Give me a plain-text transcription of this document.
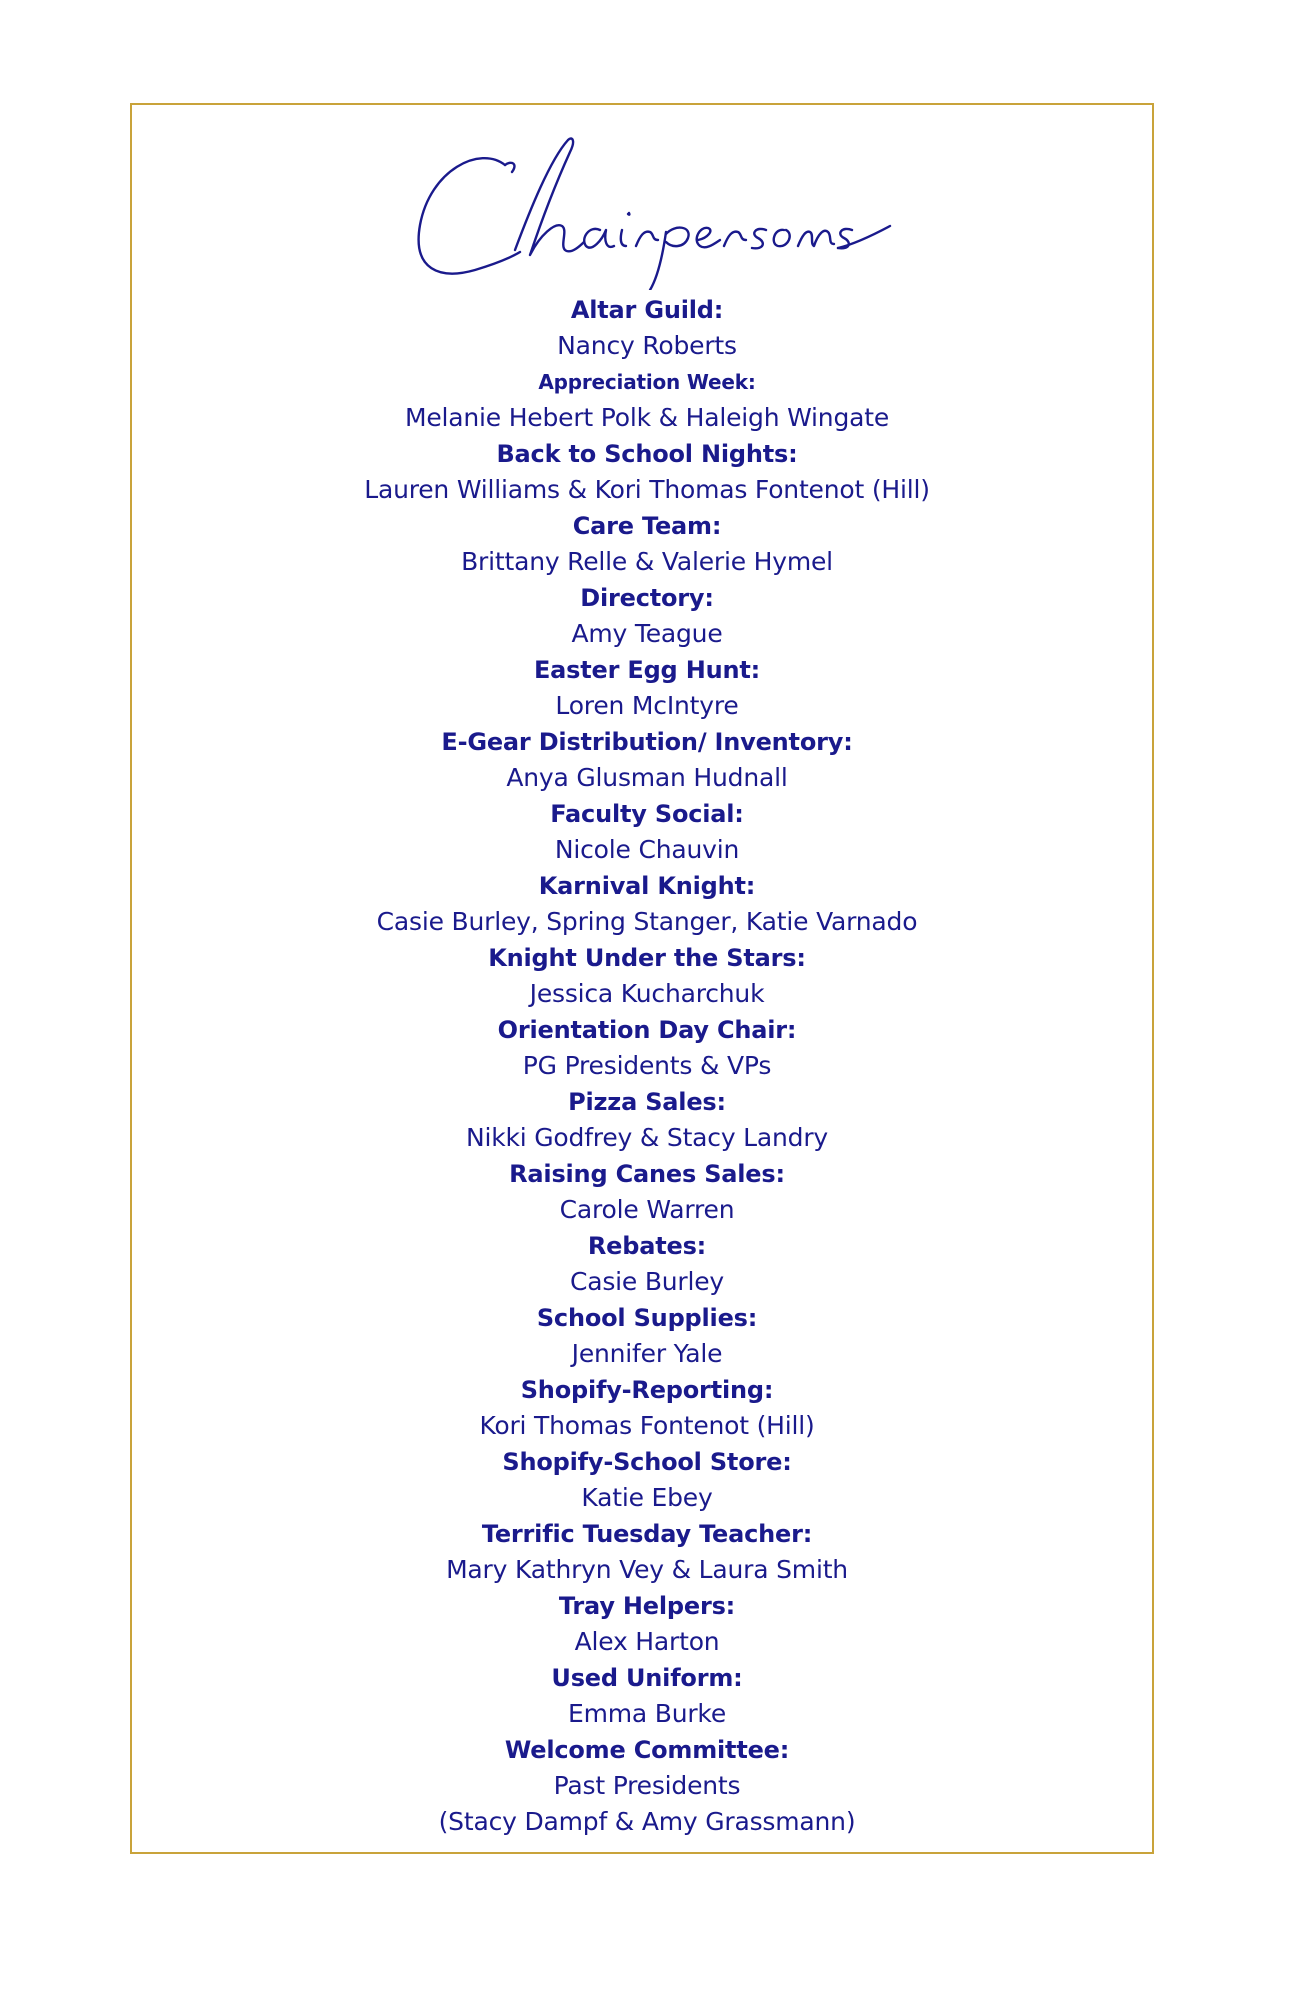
Altar Guild:
Nancy Roberts
Appreciation Week:
Melanie Hebert Polk & Haleigh Wingate
Back to School Nights:
Lauren Williams & Kori Thomas Fontenot (Hill)
Care Team:
Brittany Relle & Valerie Hymel
Directory:
Amy Teague
Easter Egg Hunt:
Loren McIntyre
E-Gear Distribution/ Inventory:
Anya Glusman Hudnall
Faculty Social:
Nicole Chauvin
Karnival Knight:
Casie Burley, Spring Stanger, Katie Varnado
Knight Under the Stars:
Jessica Kucharchuk
Orientation Day Chair:
PG Presidents & VPs
Pizza Sales:
Nikki Godfrey & Stacy Landry
Raising Canes Sales:
Carole Warren
Rebates:
Casie Burley
School Supplies:
Jennifer Yale
Shopify-Reporting:
Kori Thomas Fontenot (Hill)
Shopify-School Store:
Katie Ebey
Terrific Tuesday Teacher:
Mary Kathryn Vey & Laura Smith
Tray Helpers:
Alex Harton
Used Uniform:
Emma Burke
Welcome Committee:
Past Presidents
(Stacy Dampf & Amy Grassmann)
